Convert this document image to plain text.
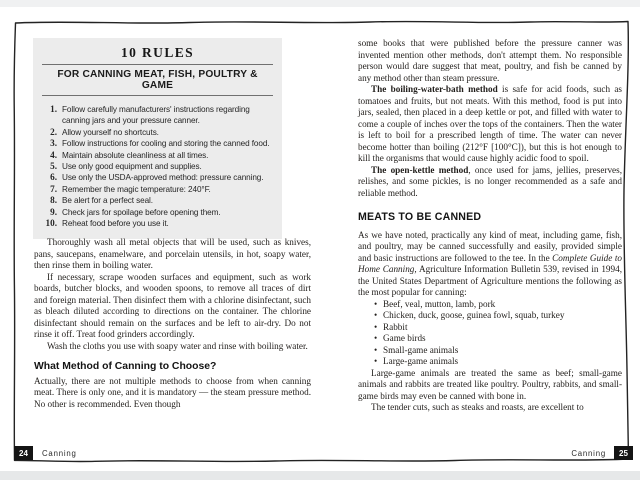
10 RULES
FOR CANNING MEAT, FISH, POULTRY & GAME
1. Follow carefully manufacturers' instructions regarding canning jars and your pressure canner.
2. Allow yourself no shortcuts.
3. Follow instructions for cooling and storing the canned food.
4. Maintain absolute cleanliness at all times.
5. Use only good equipment and supplies.
6. Use only the USDA-approved method: pressure canning.
7. Remember the magic temperature: 240°F.
8. Be alert for a perfect seal.
9. Check jars for spoilage before opening them.
10. Reheat food before you use it.

Thoroughly wash all metal objects that will be used, such as knives, pans, saucepans, enamelware, and porcelain utensils, in hot, soapy water, then rinse them in boiling water.

If necessary, scrape wooden surfaces and equipment, such as work boards, butcher blocks, and wooden spoons, to remove all traces of dirt and foreign material. Then disinfect them with a chlorine disinfectant, such as bleach diluted according to directions on the container. The chlorine disinfectant should remain on the surfaces and be left to air-dry. Do not rinse it off. Treat food grinders accordingly.

Wash the cloths you use with soapy water and rinse with boiling water.

What Method of Canning to Choose?

Actually, there are not multiple methods to choose from when canning meat. There is only one, and it is mandatory — the steam pressure method. No other is recommended. Even though

24 Canning

some books that were published before the pressure canner was invented mention other methods, don't attempt them. No responsible person would dare suggest that meat, poultry, and fish be canned by any method other than steam pressure.

The boiling-water-bath method is safe for acid foods, such as tomatoes and fruits, but not meats. With this method, food is put into jars, sealed, then placed in a deep kettle or pot, and filled with water to come a couple of inches over the tops of the containers. Then the water is left to boil for a prescribed length of time. The water can never become hotter than boiling (212°F [100°C]), but this is hot enough to kill the organisms that would cause highly acidic food to spoil.

The open-kettle method, once used for jams, jellies, preserves, relishes, and some pickles, is no longer recommended as a safe and reliable method.

MEATS TO BE CANNED

As we have noted, practically any kind of meat, including game, fish, and poultry, may be canned successfully and easily, provided simple and basic instructions are followed to the tee. In the Complete Guide to Home Canning, Agriculture Information Bulletin 539, revised in 1994, the United States Department of Agriculture mentions the following as the most popular for canning:

• Beef, veal, mutton, lamb, pork
• Chicken, duck, goose, guinea fowl, squab, turkey
• Rabbit
• Game birds
• Small-game animals
• Large-game animals

Large-game animals are treated the same as beef; small-game animals and rabbits are treated like poultry. Poultry, rabbits, and small-game birds may even be canned with bone in.

The tender cuts, such as steaks and roasts, are excellent to

Canning 25
